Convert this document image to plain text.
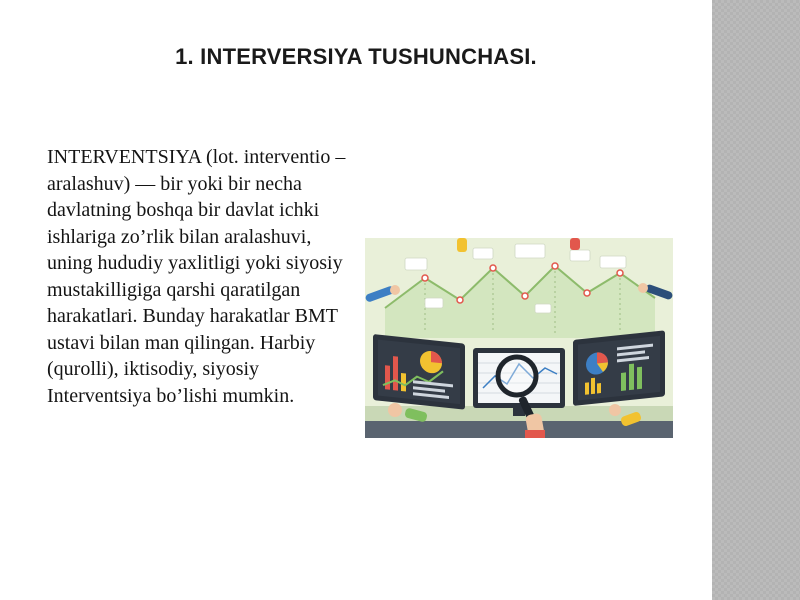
1. INTERVERSIYA TUSHUNCHASI.

INTERVENTSIYA (lot. interventio – aralashuv) — bir yoki bir necha davlatning boshqa bir davlat ichki ishlariga zo’rlik bilan aralashuvi, uning hududiy yaxlitligi yoki siyosiy mustakilligiga qarshi qaratilgan harakatlari. Bunday harakatlar BMT ustavi bilan man qilingan. Harbiy (qurolli), iktisodiy, siyosiy Interventsiya bo’lishi mumkin.
